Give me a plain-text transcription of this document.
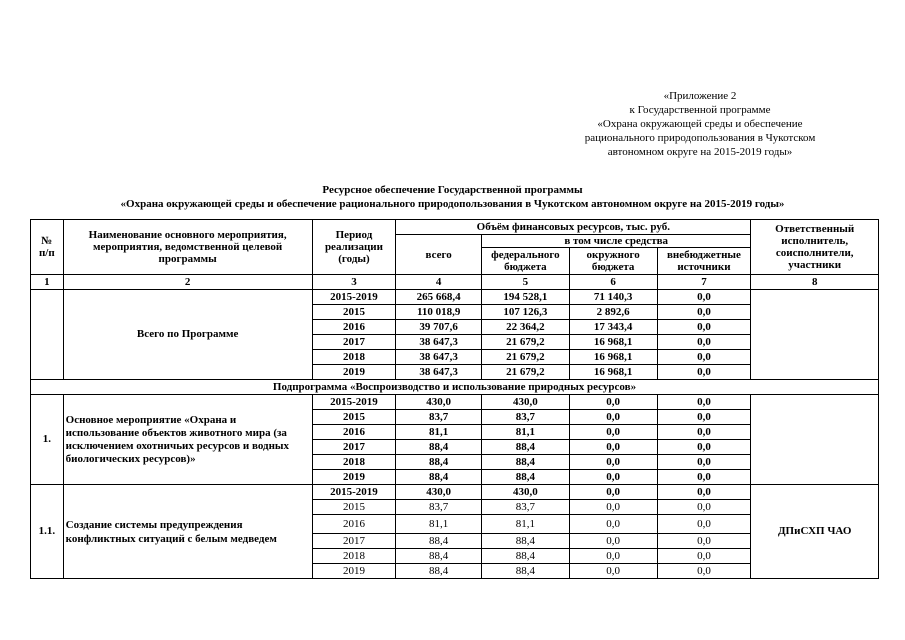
«Приложение 2
к Государственной программе
«Охрана окружающей среды и обеспечение
рационального природопользования в Чукотском
автономном округе на 2015-2019 годы»
Ресурсное обеспечение Государственной программы
«Охрана окружающей среды и обеспечение рационального природопользования в Чукотском автономном округе на 2015-2019 годы»
№
п/п	Наименование основного мероприятия, мероприятия, ведомственной целевой программы	Период реализации (годы)	Объём финансовых ресурсов, тыс. руб.				Ответственный исполнитель, соисполнители, участники
			всего	в том числе средства			
				федерального бюджета	окружного бюджета	внебюджетные источники	
1	2	3	4	5	6	7	8
	Всего по Программе	2015-2019	265 668,4	194 528,1	71 140,3	0,0	
		2015	110 018,9	107 126,3	2 892,6	0,0	
		2016	39 707,6	22 364,2	17 343,4	0,0	
		2017	38 647,3	21 679,2	16 968,1	0,0	
		2018	38 647,3	21 679,2	16 968,1	0,0	
		2019	38 647,3	21 679,2	16 968,1	0,0	
Подпрограмма «Воспроизводство и использование природных ресурсов»							
1.	Основное мероприятие «Охрана и использование объектов животного мира (за исключением охотничьих ресурсов и водных биологических ресурсов)»	2015-2019	430,0	430,0	0,0	0,0	
		2015	83,7	83,7	0,0	0,0	
		2016	81,1	81,1	0,0	0,0	
		2017	88,4	88,4	0,0	0,0	
		2018	88,4	88,4	0,0	0,0	
		2019	88,4	88,4	0,0	0,0	
1.1.	Создание системы предупреждения конфликтных ситуаций с белым медведем	2015-2019	430,0	430,0	0,0	0,0	ДПиСХП ЧАО
		2015	83,7	83,7	0,0	0,0	
		2016	81,1	81,1	0,0	0,0	
		2017	88,4	88,4	0,0	0,0	
		2018	88,4	88,4	0,0	0,0	
		2019	88,4	88,4	0,0	0,0	
